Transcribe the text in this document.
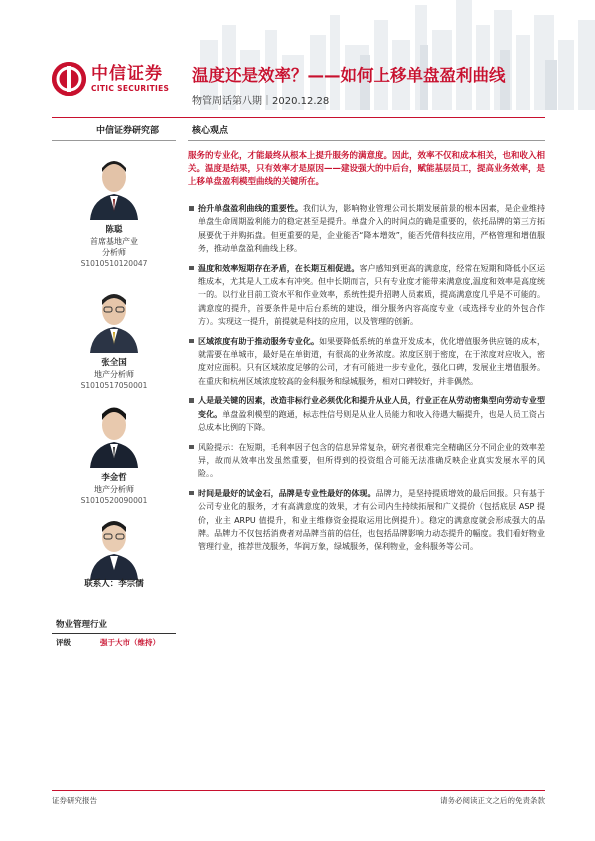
中信证券
CITIC SECURITIES
温度还是效率？——如何上移单盘盈利曲线
物管周话第八期｜2020.12.28
中信证券研究部
陈聪
首席基地产业
分析师
S1010510120047
张全国
地产分析师
S1010517050001
李金哲
地产分析师
S1010520090001
联系人：李宗儒
物业管理行业
评级	强于大市（维持）
核心观点
服务的专业化，才能最终从根本上提升服务的满意度。因此，效率不仅和成本相关，也和收入相关。温度是结果，只有效率才是原因——建设强大的中后台，赋能基层员工，提高业务效率，是上移单盘盈利模型曲线的关键所在。
抬升单盘盈利曲线的重要性。我们认为，影响物业管理公司长期发展前景的根本因素，是企业维持单盘生命周期盈利能力的稳定甚至是提升。单盘介入的时间点的确是重要的，依托品牌的第三方拓展要优于并购拓盘。但更重要的是，企业能否“降本增效”，能否凭借科技应用，严格管理和增值服务，推动单盘盈利曲线上移。
温度和效率短期存在矛盾，在长期互相促进。客户感知到更高的满意度，经常在短期和降低小区运维成本，尤其是人工成本有冲突。但中长期而言，只有专业度才能带来满意度,温度和效率是高度统一的。以行业目前工资水平和作业效率，系统性提升招聘人员素质，提高满意度几乎是不可能的。满意度的提升，首要条件是中后台系统的建设，细分服务内容高度专业（或选择专业的外包合作方）。实现这一提升，前提就是科技的应用，以及管理的创新。
区域浓度有助于推动服务专业化。如果要降低系统的单盘开发成本，优化增值服务供应链的成本，就需要在单城市，最好是在单街道，有很高的业务浓度。浓度区别于密度，在于浓度对应收入，密度对应面积。只有区域浓度足够的公司，才有可能进一步专业化，强化口碑，发展业主增值服务。在重庆和杭州区域浓度较高的金科服务和绿城服务，相对口碑较好，并非偶然。
人是最关键的因素，改造非标行业必须优化和提升从业人员，行业正在从劳动密集型向劳动专业型变化。单盘盈利模型的跑通，标志性信号则是从业人员能力和收入待遇大幅提升，也是人员工资占总成本比例的下降。
风险提示：在短期，毛利率因子包含的信息异常复杂，研究者很难完全精确区分不同企业的效率差异，故而从效率出发虽然重要，但所得到的投资组合可能无法准确反映企业真实发展水平的风险。。
时间是最好的试金石，品牌是专业性最好的体现。品牌力，是坚持提质增效的最后回报。只有基于公司专业化的服务，才有高满意度的效果，才有公司内生持续拓展和广义提价（包括底层 ASP 提价，业主 ARPU 值提升，和业主维修资金提取运用比例提升）。稳定的满意度就会形成强大的品牌。品牌力不仅包括消费者对品牌当前的信任，也包括品牌影响力动态提升的幅度。我们看好物业管理行业，推荐世茂服务，华润万象，绿城服务，保利物业，金科服务等公司。
证券研究报告	请务必阅读正文之后的免责条款
